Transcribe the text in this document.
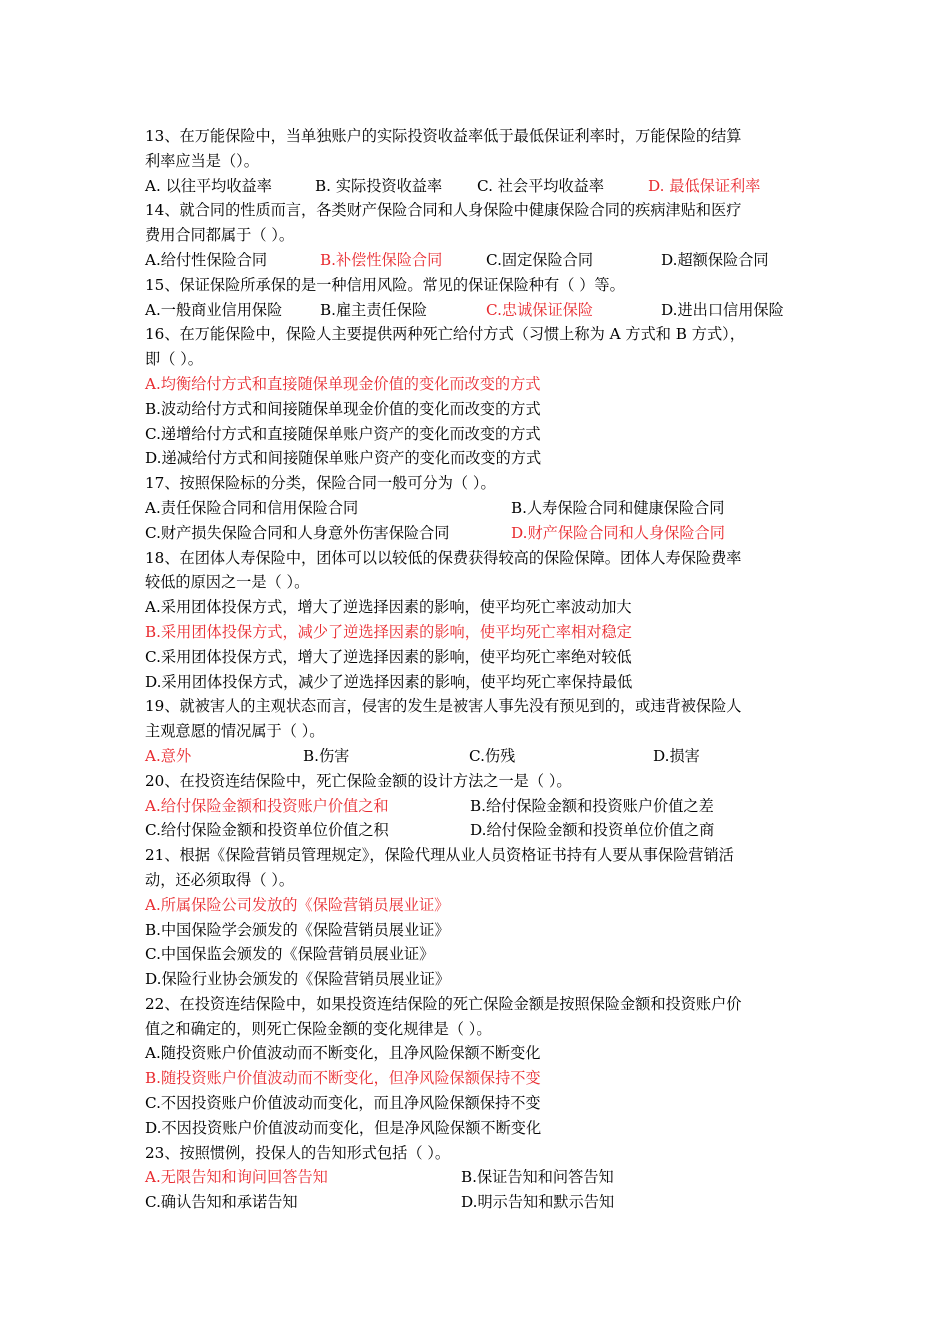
13、在万能保险中，当单独账户的实际投资收益率低于最低保证利率时，万能保险的结算
利率应当是（）。
A. 以往平均收益率	B. 实际投资收益率 C. 社会平均收益率	D. 最低保证利率
14、就合同的性质而言，各类财产保险合同和人身保险中健康保险合同的疾病津贴和医疗
费用合同都属于（ ）。
A.给付性保险合同	B.补偿性保险合同	C.固定保险合同	D.超额保险合同
15、保证保险所承保的是一种信用风险。常见的保证保险种有（ ）等。
A.一般商业信用保险 B.雇主责任保险	C.忠诚保证保险	D.进出口信用保险
16、在万能保险中，保险人主要提供两种死亡给付方式（习惯上称为 A 方式和 B 方式），
即（ ）。
A.均衡给付方式和直接随保单现金价值的变化而改变的方式
B.波动给付方式和间接随保单现金价值的变化而改变的方式
C.递增给付方式和直接随保单账户资产的变化而改变的方式
D.递减给付方式和间接随保单账户资产的变化而改变的方式
17、按照保险标的分类，保险合同一般可分为（ ）。
A.责任保险合同和信用保险合同	B.人寿保险合同和健康保险合同
C.财产损失保险合同和人身意外伤害保险合同	D.财产保险合同和人身保险合同
18、在团体人寿保险中，团体可以以较低的保费获得较高的保险保障。团体人寿保险费率
较低的原因之一是（ ）。
A.采用团体投保方式，增大了逆选择因素的影响，使平均死亡率波动加大
B.采用团体投保方式，减少了逆选择因素的影响，使平均死亡率相对稳定
C.采用团体投保方式，增大了逆选择因素的影响，使平均死亡率绝对较低
D.采用团体投保方式，减少了逆选择因素的影响，使平均死亡率保持最低
19、就被害人的主观状态而言，侵害的发生是被害人事先没有预见到的，或违背被保险人
主观意愿的情况属于（ ）。
A.意外	B.伤害	C.伤残	D.损害
20、在投资连结保险中，死亡保险金额的设计方法之一是（ ）。
A.给付保险金额和投资账户价值之和	B.给付保险金额和投资账户价值之差
C.给付保险金额和投资单位价值之积	D.给付保险金额和投资单位价值之商
21、根据《保险营销员管理规定》，保险代理从业人员资格证书持有人要从事保险营销活
动，还必须取得（ ）。
A.所属保险公司发放的《保险营销员展业证》
B.中国保险学会颁发的《保险营销员展业证》
C.中国保监会颁发的《保险营销员展业证》
D.保险行业协会颁发的《保险营销员展业证》
22、在投资连结保险中，如果投资连结保险的死亡保险金额是按照保险金额和投资账户价
值之和确定的，则死亡保险金额的变化规律是（ ）。
A.随投资账户价值波动而不断变化，且净风险保额不断变化
B.随投资账户价值波动而不断变化，但净风险保额保持不变
C.不因投资账户价值波动而变化，而且净风险保额保持不变
D.不因投资账户价值波动而变化，但是净风险保额不断变化
23、按照惯例，投保人的告知形式包括（ ）。
A.无限告知和询问回答告知	B.保证告知和问答告知
C.确认告知和承诺告知	D.明示告知和默示告知
